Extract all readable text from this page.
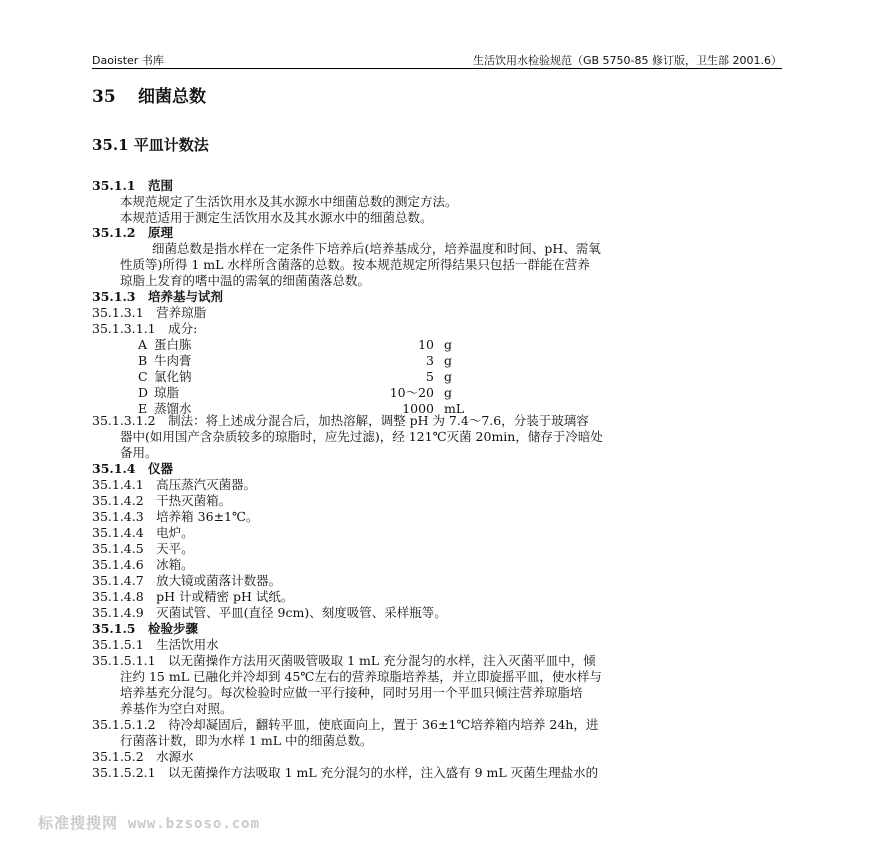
Daoister 书库	生活饮用水检验规范（GB 5750-85 修订版，卫生部 2001.6）
35 细菌总数
35.1 平皿计数法
35.1.1　范围
本规范规定了生活饮用水及其水源水中细菌总数的测定方法。
本规范适用于测定生活饮用水及其水源水中的细菌总数。
35.1.2　原理
细菌总数是指水样在一定条件下培养后(培养基成分，培养温度和时间、pH、需氧
性质等)所得 1 mL 水样所含菌落的总数。按本规范规定所得结果只包括一群能在营养
琼脂上发育的嗜中温的需氧的细菌菌落总数。
35.1.3　培养基与试剂
35.1.3.1　营养琼脂
35.1.3.1.1　成分:
35.1.3.1.2　制法：将上述成分混合后，加热溶解，调整 pH 为 7.4～7.6，分装于玻璃容
器中(如用国产含杂质较多的琼脂时，应先过滤)，经 121℃灭菌 20min，储存于冷暗处
备用。
35.1.4　仪器
35.1.4.1　高压蒸汽灭菌器。
35.1.4.2　干热灭菌箱。
35.1.4.3　培养箱 36±1℃。
35.1.4.4　电炉。
35.1.4.5　天平。
35.1.4.6　冰箱。
35.1.4.7　放大镜或菌落计数器。
35.1.4.8　pH 计或精密 pH 试纸。
35.1.4.9　灭菌试管、平皿(直径 9cm)、刻度吸管、采样瓶等。
35.1.5　检验步骤
35.1.5.1　生活饮用水
35.1.5.1.1　以无菌操作方法用灭菌吸管吸取 1 mL 充分混匀的水样，注入灭菌平皿中，倾
注约 15 mL 已融化并冷却到 45℃左右的营养琼脂培养基，并立即旋摇平皿，使水样与
培养基充分混匀。每次检验时应做一平行接种，同时另用一个平皿只倾注营养琼脂培
养基作为空白对照。
35.1.5.1.2　待冷却凝固后，翻转平皿，使底面向上，置于 36±1℃培养箱内培养 24h，进
行菌落计数，即为水样 1 mL 中的细菌总数。
35.1.5.2　水源水
35.1.5.2.1　以无菌操作方法吸取 1 mL 充分混匀的水样，注入盛有 9 mL 灭菌生理盐水的
A 蛋白胨	10 g
B 牛肉膏	3 g
C 氯化钠	5 g
D 琼脂	10～20 g
E 蒸馏水	1000 mL
标准搜搜网 www.bzsoso.com
